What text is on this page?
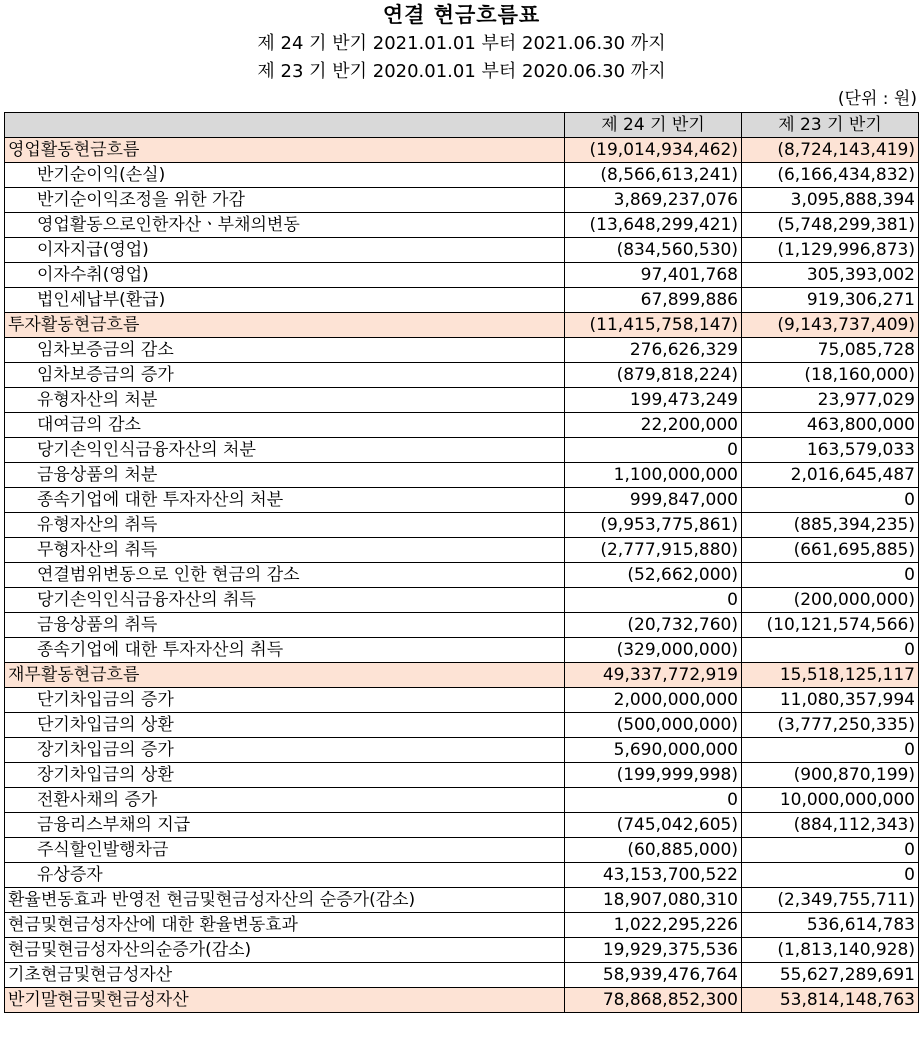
연결 현금흐름표
제 24 기 반기 2021.01.01 부터 2021.06.30 까지
제 23 기 반기 2020.01.01 부터 2020.06.30 까지
(단위 : 원)
	제 24 기 반기	제 23 기 반기
영업활동현금흐름	(19,014,934,462)	(8,724,143,419)
반기순이익(손실)	(8,566,613,241)	(6,166,434,832)
반기순이익조정을 위한 가감	3,869,237,076	3,095,888,394
영업활동으로인한자산ㆍ부채의변동	(13,648,299,421)	(5,748,299,381)
이자지급(영업)	(834,560,530)	(1,129,996,873)
이자수취(영업)	97,401,768	305,393,002
법인세납부(환급)	67,899,886	919,306,271
투자활동현금흐름	(11,415,758,147)	(9,143,737,409)
임차보증금의 감소	276,626,329	75,085,728
임차보증금의 증가	(879,818,224)	(18,160,000)
유형자산의 처분	199,473,249	23,977,029
대여금의 감소	22,200,000	463,800,000
당기손익인식금융자산의 처분	0	163,579,033
금융상품의 처분	1,100,000,000	2,016,645,487
종속기업에 대한 투자자산의 처분	999,847,000	0
유형자산의 취득	(9,953,775,861)	(885,394,235)
무형자산의 취득	(2,777,915,880)	(661,695,885)
연결범위변동으로 인한 현금의 감소	(52,662,000)	0
당기손익인식금융자산의 취득	0	(200,000,000)
금융상품의 취득	(20,732,760)	(10,121,574,566)
종속기업에 대한 투자자산의 취득	(329,000,000)	0
재무활동현금흐름	49,337,772,919	15,518,125,117
단기차입금의 증가	2,000,000,000	11,080,357,994
단기차입금의 상환	(500,000,000)	(3,777,250,335)
장기차입금의 증가	5,690,000,000	0
장기차입금의 상환	(199,999,998)	(900,870,199)
전환사채의 증가	0	10,000,000,000
금융리스부채의 지급	(745,042,605)	(884,112,343)
주식할인발행차금	(60,885,000)	0
유상증자	43,153,700,522	0
환율변동효과 반영전 현금및현금성자산의 순증가(감소)	18,907,080,310	(2,349,755,711)
현금및현금성자산에 대한 환율변동효과	1,022,295,226	536,614,783
현금및현금성자산의순증가(감소)	19,929,375,536	(1,813,140,928)
기초현금및현금성자산	58,939,476,764	55,627,289,691
반기말현금및현금성자산	78,868,852,300	53,814,148,763
